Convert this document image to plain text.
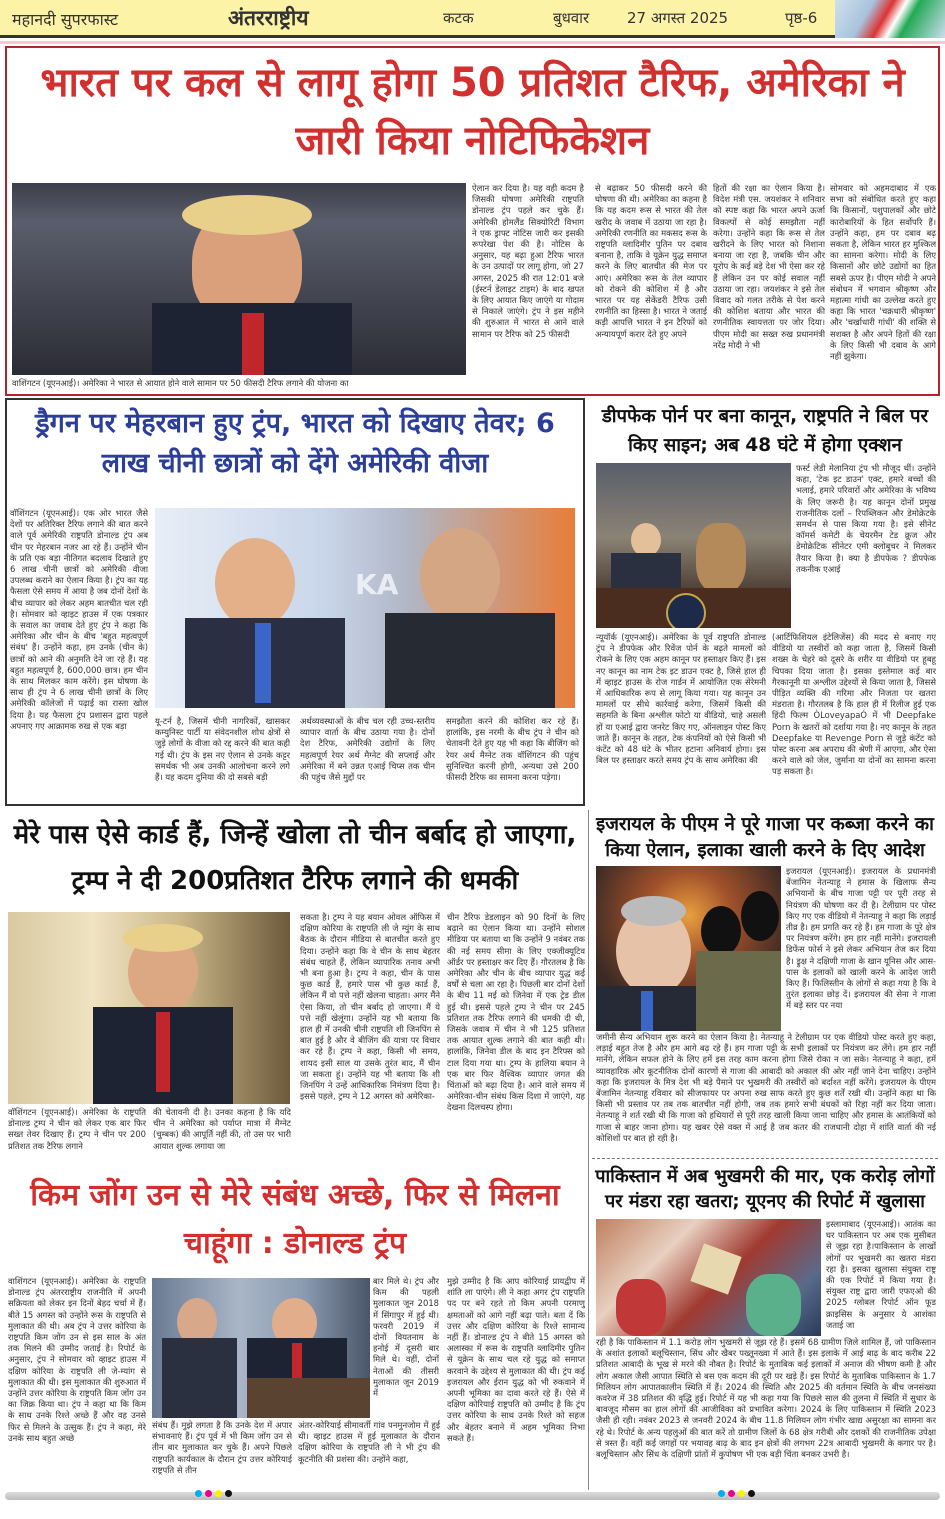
महानदी सुपरफास्ट	अंतरराष्ट्रीय	कटक	बुधवार	27 अगस्त 2025	पृष्ठ-6
भारत पर कल से लागू होगा 50 प्रतिशत टैरिफ, अमेरिका ने जारी किया नोटिफिकेशन

वाशिंगटन (यूएनआई)। अमेरिका ने भारत से आयात होने वाले सामान पर 50 फीसदी टैरिफ लगाने की योजना का
ऐलान कर दिया है। यह वही कदम है जिसकी घोषणा अमेरिकी राष्ट्रपति डोनाल्ड ट्रंप पहले कर चुके हैं। अमेरिकी होमलैंड सिक्योरिटी विभाग ने एक ड्राफ्ट नोटिस जारी कर इसकी रूपरेखा पेश की है। नोटिस के अनुसार, यह बढ़ा हुआ टैरिफ भारत के उन उत्पादों पर लागू होगा, जो 27 अगस्त, 2025 की रात 12:01 बजे (ईस्टर्न डेलाइट टाइम) के बाद खपत के लिए आयात किए जाएंगे या गोदाम से निकाले जाएंगे। ट्रंप ने इस महीने की शुरुआत में भारत से आने वाले सामान पर टैरिफ को 25 फीसदी
से बढ़ाकर 50 फीसदी करने की घोषणा की थी। अमेरिका का कहना है कि यह कदम रूस से भारत की तेल खरीद के जवाब में उठाया जा रहा है। अमेरिकी रणनीति का मकसद रूस के राष्ट्रपति व्लादिमीर पुतिन पर दबाव बनाना है, ताकि वे यूक्रेन युद्ध समाप्त करने के लिए बातचीत की मेज पर आएं। अमेरिका रूस के तेल व्यापार को रोकने की कोशिश में है और भारत पर यह सेकेंडरी टैरिफ उसी रणनीति का हिस्सा है। भारत ने जताई कड़ी आपत्ति भारत ने इन टैरिफों को अन्यायपूर्ण करार देते हुए अपने
हितों की रक्षा का ऐलान किया है। विदेश मंत्री एस. जयशंकर ने शनिवार को स्पष्ट कहा कि भारत अपने ऊर्जा विकल्पों से कोई समझौता नहीं करेगा। उन्होंने कहा कि रूस से तेल खरीदने के लिए भारत को निशाना बनाया जा रहा है, जबकि चीन और यूरोप के कई बड़े देश भी ऐसा कर रहे हैं लेकिन उन पर कोई सवाल नहीं उठाया जा रहा। जयशंकर ने इसे तेल विवाद को गलत तरीके से पेश करने की कोशिश बताया और भारत की रणनीतिक स्वायत्तता पर जोर दिया। पीएम मोदी का सख्त रुख प्रधानमंत्री नरेंद्र मोदी ने भी
सोमवार को अहमदाबाद में एक सभा को संबोधित करते हुए कहा कि किसानों, पशुपालकों और छोटे कारोबारियों के हित सर्वोपरि हैं। उन्होंने कहा, हम पर दबाव बढ़ सकता है, लेकिन भारत हर मुश्किल का सामना करेगा। मोदी के लिए किसानों और छोटे उद्योगों का हित सबसे ऊपर है। पीएम मोदी ने अपने संबोधन में भगवान श्रीकृष्ण और महात्मा गांधी का उल्लेख करते हुए कहा कि भारत 'चक्रधारी श्रीकृष्ण' और 'चर्खाधारी गांधी' की शक्ति से सशक्त है और अपने हितों की रक्षा के लिए किसी भी दबाव के आगे नहीं झुकेगा।
ड्रैगन पर मेहरबान हुए ट्रंप, भारत को दिखाए तेवर; 6 लाख चीनी छात्रों को देंगे अमेरिकी वीजा
वॉशिंगटन (यूएनआई)। एक ओर भारत जैसे देशों पर अतिरिक्त टैरिफ लगाने की बात करने वाले पूर्व अमेरिकी राष्ट्रपति डोनाल्ड ट्रंप अब चीन पर मेहरबान नजर आ रहे हैं। उन्होंने चीन के प्रति एक बड़ा नीतिगत बदलाव दिखाते हुए 6 लाख चीनी छात्रों को अमेरिकी वीजा उपलब्ध कराने का ऐलान किया है। ट्रंप का यह फैसला ऐसे समय में आया है जब दोनों देशों के बीच व्यापार को लेकर अहम बातचीत चल रही है। सोमवार को व्हाइट हाउस में एक पत्रकार के सवाल का जवाब देते हुए ट्रंप ने कहा कि अमेरिका और चीन के बीच 'बहुत महत्वपूर्ण संबंध' हैं। उन्होंने कहा, हम उनके (चीन के) छात्रों को आने की अनुमति देने जा रहे हैं। यह बहुत महत्वपूर्ण है, 600,000 छात्र। हम चीन के साथ मिलकर काम करेंगे। इस घोषणा के साथ ही ट्रंप ने 6 लाख चीनी छात्रों के लिए अमेरिकी कॉलेजों में पढ़ाई का रास्ता खोल दिया है। यह फैसला ट्रंप प्रशासन द्वारा पहले अपनाए गए आक्रामक रुख से एक बड़ा
KA
यू-टर्न है, जिसमें चीनी नागरिकों, खासकर कम्युनिस्ट पार्टी या संवेदनशील शोध क्षेत्रों से जुड़े लोगों के वीजा को रद्द करने की बात कही गई थी। ट्रंप के इस नए ऐलान से उनके कट्टर समर्थक भी अब उनकी आलोचना करने लगे हैं। यह कदम दुनिया की दो सबसे बड़ी
अर्थव्यवस्थाओं के बीच चल रही उच्च-स्तरीय व्यापार वार्ता के बीच उठाया गया है। दोनों देश टैरिफ, अमेरिकी उद्योगों के लिए महत्वपूर्ण रेयर अर्थ मैग्नेट की सप्लाई और अमेरिका में बने उन्नत एआई चिप्स तक चीन की पहुंच जैसे मुद्दों पर
समझौता करने की कोशिश कर रहे हैं। हालांकि, इस नरमी के बीच ट्रंप ने चीन को चेतावनी देते हुए यह भी कहा कि बीजिंग को रेयर अर्थ मैग्नेट तक वॉशिंगटन की पहुंच सुनिश्चित करनी होगी, अन्यथा उसे 200 फीसदी टैरिफ का सामना करना पड़ेगा।
डीपफेक पोर्न पर बना कानून, राष्ट्रपति ने बिल पर किए साइन; अब 48 घंटे में होगा एक्शन
फर्स्ट लेडी मेलानिया ट्रंप भी मौजूद थीं। उन्होंने कहा, 'टेक इट डाउन' एक्ट, हमारे बच्चों की भलाई, हमारे परिवारों और अमेरिका के भविष्य के लिए जरूरी है। यह कानून दोनों प्रमुख राजनीतिक दलों – रिपब्लिकन और डेमोक्रेटके समर्थन से पास किया गया है। इसे सीनेट कॉमर्स कमेटी के चेयरमैन टेड क्रूज और डेमोक्रेटिक सीनेटर एमी क्लोबुचर ने मिलकर तैयार किया है। क्या है डीपफेक ? डीपफेक तकनीक एआई
न्यूयॉर्क (यूएनआई)। अमेरिका के पूर्व राष्ट्रपति डोनाल्ड ट्रंप ने डीपफेक और रिवेंज पोर्न के बढ़ते मामलों को रोकने के लिए एक अहम कानून पर हस्ताक्षर किए हैं। इस नए कानून का नाम टेक इट डाउन एक्ट है, जिसे हाल ही में व्हाइट हाउस के रोज गार्डन में आयोजित एक सेरेमनी में आधिकारिक रूप से लागू किया गया। यह कानून उन मामलों पर सीधे कार्रवाई करेगा, जिसमें किसी की सहमति के बिना अश्लील फोटो या वीडियो, चाहे असली हों या एआई द्वारा जनरेट किए गए, ऑनलाइन पोस्ट किए जाते हैं। कानून के तहत, टेक कंपनियों को ऐसे किसी भी कंटेंट को 48 घंटे के भीतर हटाना अनिवार्य होगा। इस बिल पर हस्ताक्षर करते समय ट्रंप के साथ अमेरिका की
(आर्टिफिशियल इंटेलिजेंस) की मदद से बनाए गए वीडियो या तस्वीरों को कहा जाता है, जिसमें किसी शख्स के चेहरे को दूसरे के शरीर या वीडियो पर हूबहू चिपका दिया जाता है। इसका इस्तेमाल कई बार गैरकानूनी या अश्लील उद्देश्यों से किया जाता है, जिससे पीड़ित व्यक्ति की गरिमा और निजता पर खतरा मंडराता है। गौरतलब है कि हाल ही में रिलीज हुई एक हिंदी फिल्म ÒLoveyapaÓ में भी Deepfake Porn के खतरों को दर्शाया गया है। नए कानून के तहत Deepfake या Revenge Porn से जुड़े कंटेंट को पोस्ट करना अब अपराध की श्रेणी में आएगा, और ऐसा करने वाले को जेल, जुर्माना या दोनों का सामना करना पड़ सकता है।
मेरे पास ऐसे कार्ड हैं, जिन्हें खोला तो चीन बर्बाद हो जाएगा, ट्रम्प ने दी 200प्रतिशत टैरिफ लगाने की धमकी
वॉशिंगटन (यूएनआई)। अमेरिका के राष्ट्रपति डोनाल्ड ट्रम्प ने चीन को लेकर एक बार फिर सख्त तेवर दिखाए हैं। ट्रम्प ने चीन पर 200 प्रतिशत तक टैरिफ लगाने
की चेतावनी दी है। उनका कहना है कि यदि चीन ने अमेरिका को पर्याप्त मात्रा में मैग्नेट (चुम्बक) की आपूर्ति नहीं की, तो उस पर भारी आयात शुल्क लगाया जा
सकता है। ट्रम्प ने यह बयान ओवल ऑफिस में दक्षिण कोरिया के राष्ट्रपति ली जे म्युंग के साथ बैठक के दौरान मीडिया से बातचीत करते हुए दिया। उन्होंने कहा कि वे चीन के साथ बेहतर संबंध चाहते हैं, लेकिन व्यापारिक तनाव अभी भी बना हुआ है। ट्रम्प ने कहा, चीन के पास कुछ कार्ड हैं, हमारे पास भी कुछ कार्ड हैं, लेकिन मैं वो पत्ते नहीं खेलना चाहता। अगर मैंने ऐसा किया, तो चीन बर्बाद हो जाएगा। मैं ये पत्ते नहीं खेलूंगा। उन्होंने यह भी बताया कि हाल ही में उनकी चीनी राष्ट्रपति शी जिनपिंग से बात हुई है और वे बीजिंग की यात्रा पर विचार कर रहे हैं। ट्रम्प ने कहा, किसी भी समय, शायद इसी साल या उसके तुरंत बाद, मैं चीन जा सकता हूं। उन्होंने यह भी बताया कि शी जिनपिंग ने उन्हें आधिकारिक निमंत्रण दिया है। इससे पहले, ट्रम्प ने 12 अगस्त को अमेरिका-
चीन टैरिफ डेडलाइन को 90 दिनों के लिए बढ़ाने का ऐलान किया था। उन्होंने सोशल मीडिया पर बताया था कि उन्होंने 9 नवंबर तक की नई समय सीमा के लिए एक्जीक्यूटिव ऑर्डर पर हस्ताक्षर कर दिए हैं। गौरतलब है कि अमेरिका और चीन के बीच व्यापार युद्ध कई वर्षों से चला आ रहा है। पिछली बार दोनों देशों के बीच 11 मई को जिनेवा में एक ट्रेड डील हुई थी। इससे पहले ट्रम्प ने चीन पर 245 प्रतिशत तक टैरिफ लगाने की धमकी दी थी, जिसके जवाब में चीन ने भी 125 प्रतिशत तक आयात शुल्क लगाने की बात कही थी। हालांकि, जिनेवा डील के बाद इन टैरिफ्स को टाल दिया गया था। ट्रम्प के हालिया बयान ने एक बार फिर वैश्विक व्यापार जगत की चिंताओं को बढ़ा दिया है। आने वाले समय में अमेरिका-चीन संबंध किस दिशा में जाएंगे, यह देखना दिलचस्प होगा।
इजरायल के पीएम ने पूरे गाजा पर कब्जा करने का किया ऐलान, इलाका खाली करने के दिए आदेश
इजरायल (यूएनआई)। इजरायल के प्रधानमंत्री बेंजामिन नेतन्याहू ने हमास के खिलाफ सैन्य अभियानों के बीच गाजा पट्टी पर पूरी तरह से नियंत्रण की घोषणा कर दी है। टेलीग्राम पर पोस्ट किए गए एक वीडियो में नेतन्याहू ने कहा कि लड़ाई तीव्र है। हम प्रगति कर रहे हैं। हम गाजा के पूरे क्षेत्र पर नियंत्रण करेंगे। हम हार नहीं मानेंगे। इजरायली डिफेंस फोर्स ने इसे लेकर अभियान तेज कर दिया है। ड्रुक्ष ने दक्षिणी गाजा के खान यूनिस और आस-पास के इलाकों को खाली करने के आदेश जारी किए हैं। फिलिस्तीन के लोगों से कहा गया है कि वे तुरंत इलाका छोड़ दें। इजरायल की सेना ने गाजा में बड़े स्तर पर नया
जमीनी सैन्य अभियान शुरू करने का ऐलान किया है। नेतन्याहू ने टेलीग्राम पर एक वीडियो पोस्ट करते हुए कहा, लड़ाई बहुत तेज है और हम आगे बढ़ रहे हैं। हम गाजा पट्टी के सभी इलाकों पर नियंत्रण कर लेंगे। हम हार नहीं मानेंगे, लेकिन सफल होने के लिए हमें इस तरह काम करना होगा जिसे रोका न जा सके। नेतन्याहू ने कहा, हमें व्यावहारिक और कूटनीतिक दोनों कारणों से गाजा की आबादी को अकाल की ओर नहीं जाने देना चाहिए। उन्होंने कहा कि इजरायल के मित्र देश भी बड़े पैमाने पर भुखमरी की तस्वीरों को बर्दाश्त नहीं करेंगे। इजरायल के पीएम बेंजामिन नेतन्याहू रविवार को सीजफायर पर अपना रुख साफ करते हुए कुछ शर्तें रखी थी। उन्होंने कहा था कि किसी भी प्रस्ताव पर तब तक बातचीत नहीं होगी, जब तक हमारे सभी बंधकों को रिहा नहीं कर दिया जाता। नेतन्याहू ने शर्त रखी थी कि गाजा को हथियारों से पूरी तरह खाली किया जाना चाहिए और हमास के आतंकियों को गाजा से बाहर जाना होगा। यह खबर ऐसे वक्त में आई है जब कतर की राजधानी दोहा में शांति वार्ता की नई कोशिशों पर बात हो रही है।
किम जोंग उन से मेरे संबंध अच्छे, फिर से मिलना चाहूंगा : डोनाल्ड ट्रंप
वाशिंगटन (यूएनआई)। अमेरिका के राष्ट्रपति डोनाल्ड ट्रंप अंतरराष्ट्रीय राजनीति में अपनी सक्रियता को लेकर इन दिनों बेहद चर्चा में हैं। बीते 15 अगस्त को उन्होंने रूस के राष्ट्रपति से मुलाकात की थी। अब ट्रंप ने उत्तर कोरिया के राष्ट्रपति किम जोंग उन से इस साल के अंत तक मिलने की उम्मीद जताई है। रिपोर्ट के अनुसार, ट्रंप ने सोमवार को व्हाइट हाउस में दक्षिण कोरिया के राष्ट्रपति ली जे-म्यांग से मुलाकात की थी। इस मुलाकात की शुरुआत में उन्होंने उत्तर कोरिया के राष्ट्रपति किम जोंग उन का जिक्र किया था। ट्रंप ने कहा था कि किम के साथ उनके रिश्ते अच्छे हैं और वह उनसे फिर से मिलने के उत्सुक हैं। ट्रंप ने कहा, मेरे उनके साथ बहुत अच्छे
संबंध हैं। मुझे लगता है कि उनके देश में अपार संभावनाएं हैं। ट्रंप पूर्व में भी किम जोंग उन से तीन बार मुलाकात कर चुके हैं। अपने पिछले राष्ट्रपति कार्यकाल के दौरान ट्रंप उत्तर कोरियाई राष्ट्रपति से तीन
बार मिले थे। ट्रंप और किम की पहली मुलाकात जून 2018 में सिंगापुर में हुई थी। फरवरी 2019 में दोनों वियतनाम के हनोई में दूसरी बार मिले थे। वहीं, दोनों नेताओं की तीसरी मुलाकात जून 2019 में
अंतर-कोरियाई सीमावर्ती गांव पनमुनजोम में हुई थी। व्हाइट हाउस में हुई मुलाकात के दौरान दक्षिण कोरिया के राष्ट्रपति ली ने भी ट्रंप की कूटनीति की प्रशंसा की। उन्होंने कहा,
मुझे उम्मीद है कि आप कोरियाई प्रायद्वीप में शांति ला पाएंगे। ली ने कहा अगर ट्रंप राष्ट्रपति पद पर बने रहते तो किम अपनी परमाणु क्षमताओं को आगे नहीं बढ़ा पाते। बता दें कि उत्तर और दक्षिण कोरिया के रिश्ते सामान्य नहीं हैं। डोनाल्ड ट्रंप ने बीते 15 अगस्त को अलास्का में रूस के राष्ट्रपति व्लादिमीर पुतिन से यूक्रेन के साथ चल रहे युद्ध को समाप्त करवाने के उद्देश्य से मुलाकात की थी। ट्रंप कई इजरायल और ईरान युद्ध को भी रुकवाने में अपनी भूमिका का दावा करते रहे हैं। ऐसे में दक्षिण कोरियाई राष्ट्रपति को उम्मीद है कि ट्रंप उत्तर कोरिया के साथ उनके रिश्ते को सहज और बेहतर बनाने में अहम भूमिका निभा सकते हैं।
पाकिस्तान में अब भुखमरी की मार, एक करोड़ लोगों पर मंडरा रहा खतरा; यूएनए की रिपोर्ट में खुलासा
इस्लामाबाद (यूएनआई)। आतंक का घर पाकिस्तान पर अब एक मुसीबत से जूझ रहा है।पाकिस्तान के लाखों लोगों पर भुखमरी का खतरा मंडरा रहा है। इसका खुलासा संयुक्त राष्ट्र की एक रिपोर्ट में किया गया है। संयुक्त राष्ट्र द्वारा जारी एफएओ की 2025 ग्लोबल रिपोर्ट ऑन फूड क्राइसिस के अनुसार ये आशंका जताई जा
रही है कि पाकिस्तान में 1.1 करोड़ लोग भुखमरी से जूझ रहे हैं। इसमें 68 ग्रामीण जिले शामिल हैं, जो पाकिस्तान के अशांत इलाकों बलूचिस्तान, सिंध और खैबर पख्तूनख्वा में आते हैं। इस इलाके में आई बाढ़ के बाद करीब 22 प्रतिशत आबादी के भूख से मरने की नौबत है। रिपोर्ट के मुताबिक कई इलाकों में अनाज की भीषण कमी है और लोग अकाल जैसी आपात स्थिति से बस एक कदम की दूरी पर खड़े हैं। इस रिपोर्ट के मुताबिक पाकिस्तान के 1.7 मिलियन लोग आपातकालीन स्थिति में हैं। 2024 की स्थिति और 2025 की वर्तमान स्थिति के बीच जनसंख्या कवरेज में 38 प्रतिशत की वृद्धि हुई। रिपोर्ट में यह भी कहा गया कि पिछले साल की तुलना में स्थिति में सुधार के बावजूद मौसम का हाल लोगों की आजीविका को प्रभावित करेगा। 2024 के लिए पाकिस्तान में स्थिति 2023 जैसी ही रही। नवंबर 2023 से जनवरी 2024 के बीच 11.8 मिलियन लोग गंभीर खाद्य असुरक्षा का सामना कर रहे थे। रिपोर्ट के अन्य पहलुओं की बात करें तो ग्रामीण जिलों के 68 क्षेत्र गरीबी और दशकों की राजनीतिक उपेक्षा से त्रस्त हैं। वहीं कई जगहों पर भयावह बाढ़ के बाद इन क्षेत्रों की लगभग 22त्र आबादी भुखमरी के कगार पर है। बलूचिस्तान और सिंध के दक्षिणी प्रांतों में कुपोषण भी एक बड़ी चिंता बनकर उभरी है।
